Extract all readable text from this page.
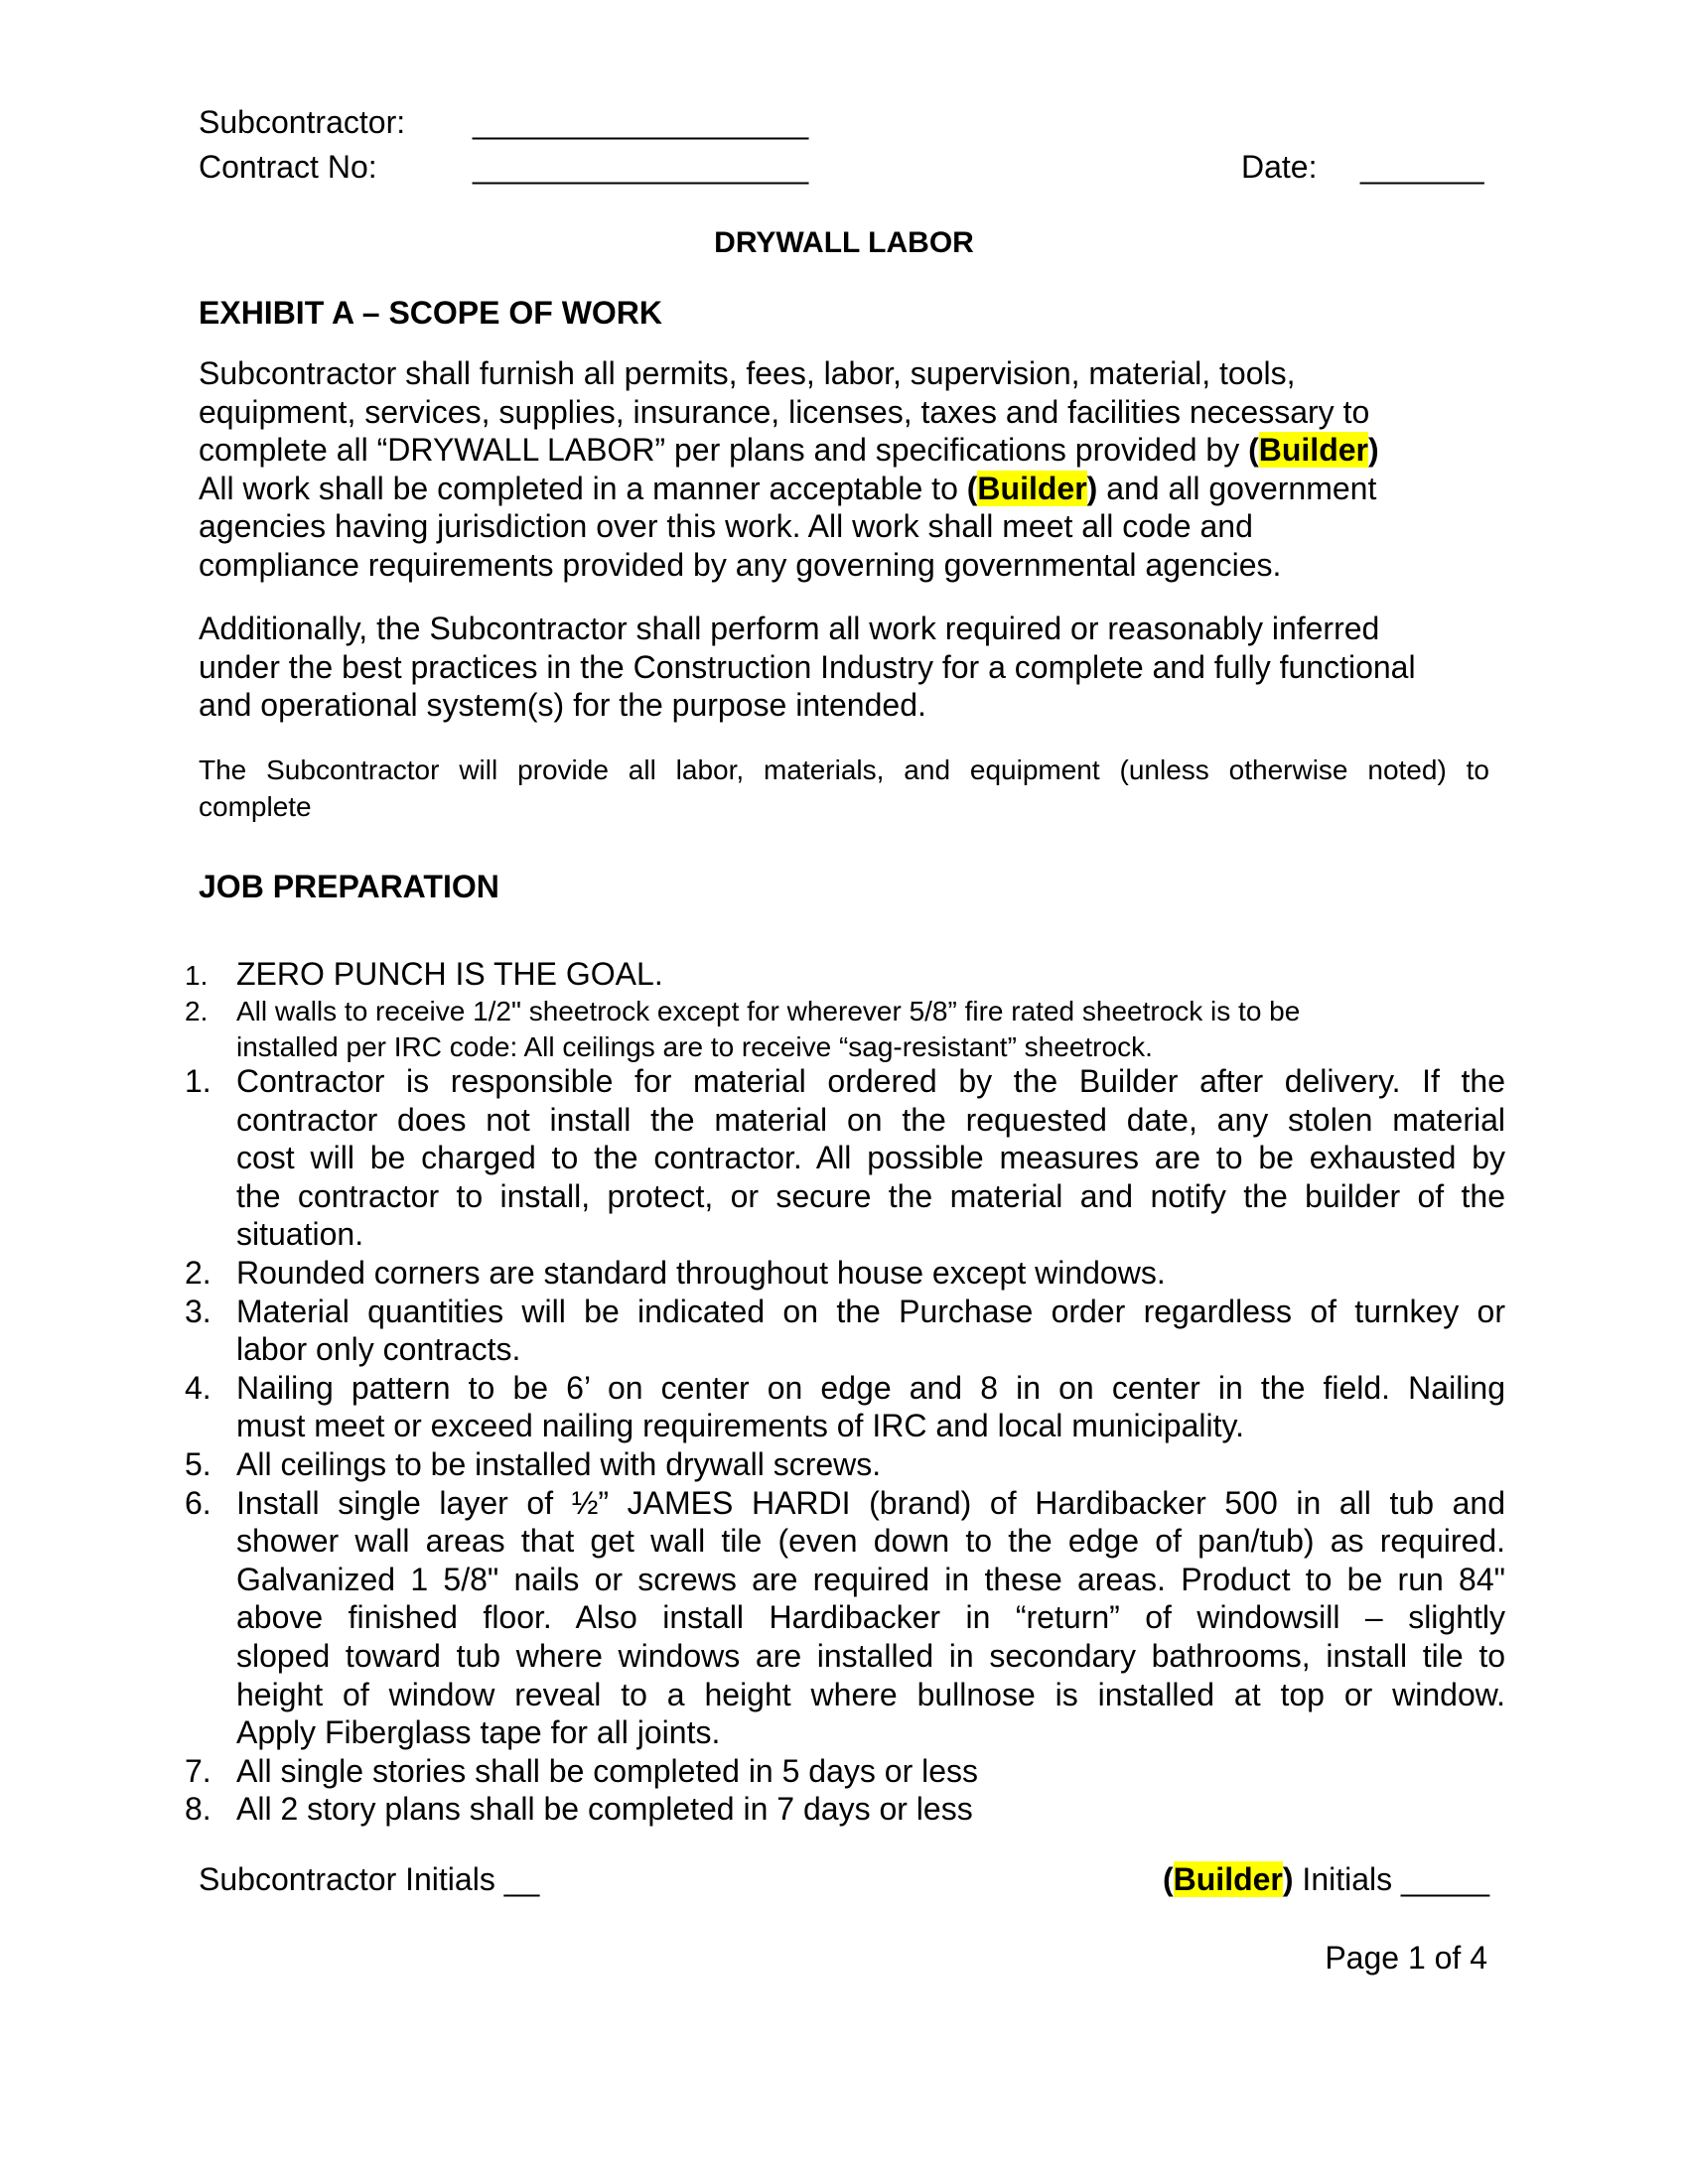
Subcontractor: ___________________
Contract No:	___________________	Date: _______
DRYWALL LABOR
EXHIBIT A – SCOPE OF WORK
Subcontractor shall furnish all permits, fees, labor, supervision, material, tools,
equipment, services, supplies, insurance, licenses, taxes and facilities necessary to
complete all “DRYWALL LABOR” per plans and specifications provided by (Builder)
All work shall be completed in a manner acceptable to (Builder) and all government
agencies having jurisdiction over this work. All work shall meet all code and
compliance requirements provided by any governing governmental agencies.
Additionally, the Subcontractor shall perform all work required or reasonably inferred
under the best practices in the Construction Industry for a complete and fully functional
and operational system(s) for the purpose intended.
The Subcontractor will provide all labor, materials, and equipment (unless otherwise noted) to
complete
JOB PREPARATION
1. ZERO PUNCH IS THE GOAL.
2. All walls to receive 1/2" sheetrock except for wherever 5/8” fire rated sheetrock is to be
installed per IRC code: All ceilings are to receive “sag-resistant” sheetrock.
1. Contractor is responsible for material ordered by the Builder after delivery. If the
contractor does not install the material on the requested date, any stolen material
cost will be charged to the contractor. All possible measures are to be exhausted by
the contractor to install, protect, or secure the material and notify the builder of the
situation.
2. Rounded corners are standard throughout house except windows.
3. Material quantities will be indicated on the Purchase order regardless of turnkey or
labor only contracts.
4. Nailing pattern to be 6’ on center on edge and 8 in on center in the field. Nailing
must meet or exceed nailing requirements of IRC and local municipality.
5. All ceilings to be installed with drywall screws.
6. Install single layer of ½” JAMES HARDI (brand) of Hardibacker 500 in all tub and
shower wall areas that get wall tile (even down to the edge of pan/tub) as required.
Galvanized 1 5/8" nails or screws are required in these areas. Product to be run 84"
above finished floor. Also install Hardibacker in “return” of windowsill – slightly
sloped toward tub where windows are installed in secondary bathrooms, install tile to
height of window reveal to a height where bullnose is installed at top or window.
Apply Fiberglass tape for all joints.
7. All single stories shall be completed in 5 days or less
8. All 2 story plans shall be completed in 7 days or less
Subcontractor Initials __	(Builder) Initials _____
Page 1 of 4
